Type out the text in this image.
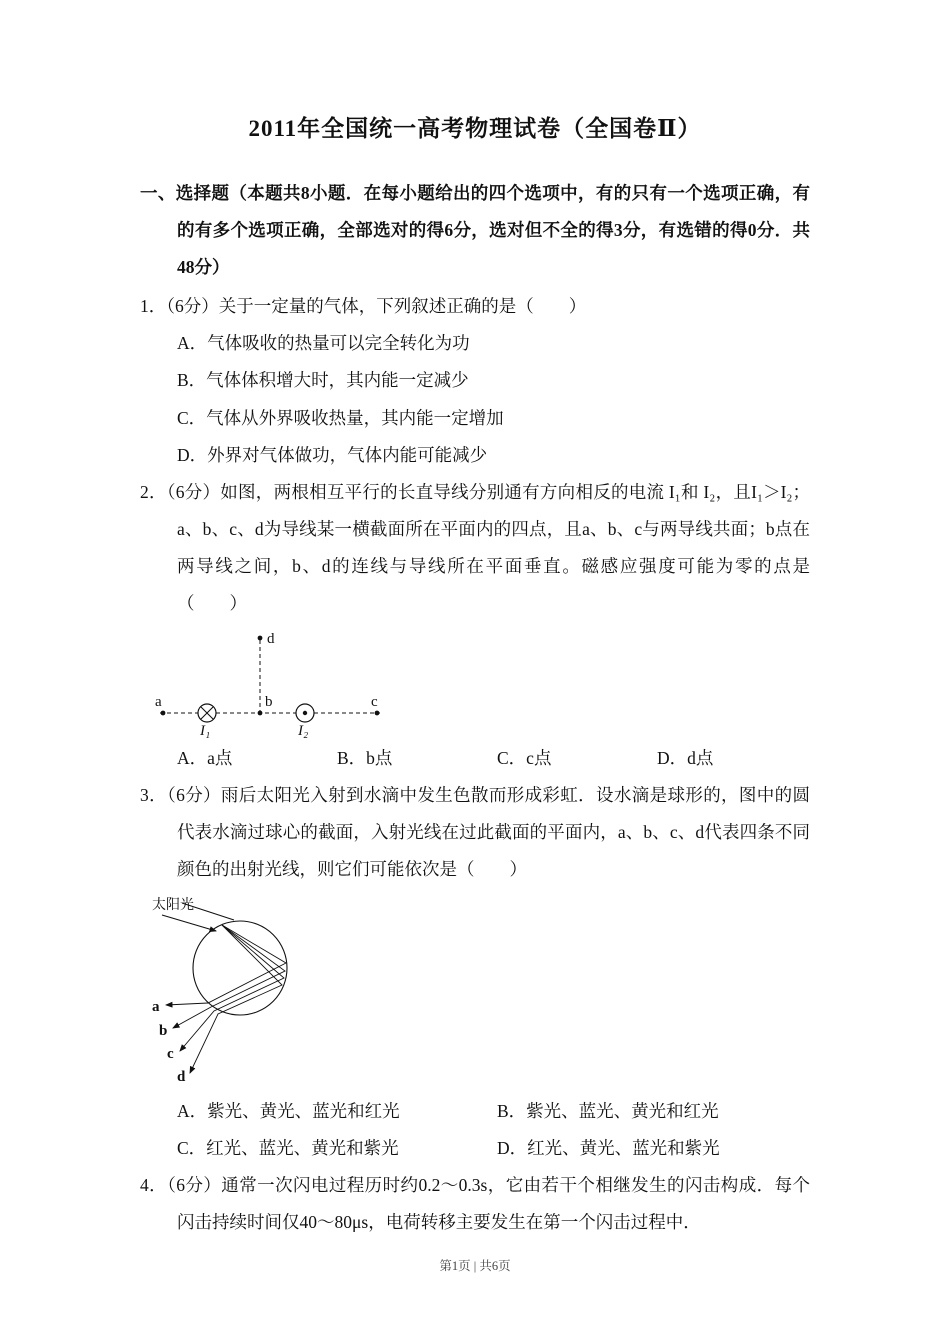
2011年全国统一高考物理试卷（全国卷Ⅱ）
一、选择题（本题共8小题．在每小题给出的四个选项中，有的只有一个选项正确，有的有多个选项正确，全部选对的得6分，选对但不全的得3分，有选错的得0分．共48分）
1．（6分）关于一定量的气体，下列叙述正确的是（　　）
A．气体吸收的热量可以完全转化为功
B．气体体积增大时，其内能一定减少
C．气体从外界吸收热量，其内能一定增加
D．外界对气体做功，气体内能可能减少
2．（6分）如图，两根相互平行的长直导线分别通有方向相反的电流 I₁和 I₂，且I₁＞I₂；a、b、c、d为导线某一横截面所在平面内的四点，且a、b、c与两导线共面；b点在两导线之间，b、d的连线与导线所在平面垂直。磁感应强度可能为零的点是（　　）
d
a	b	c
I₁	I₂
A．a点	B．b点	C．c点	D．d点
3．（6分）雨后太阳光入射到水滴中发生色散而形成彩虹．设水滴是球形的，图中的圆代表水滴过球心的截面，入射光线在过此截面的平面内，a、b、c、d代表四条不同颜色的出射光线，则它们可能依次是（　　）
太阳光
a
b
c
d
A．紫光、黄光、蓝光和红光	B．紫光、蓝光、黄光和红光
C．红光、蓝光、黄光和紫光	D．红光、黄光、蓝光和紫光
4．（6分）通常一次闪电过程历时约0.2～0.3s，它由若干个相继发生的闪击构成．每个闪击持续时间仅40～80μs，电荷转移主要发生在第一个闪击过程中．
第1页 | 共6页
